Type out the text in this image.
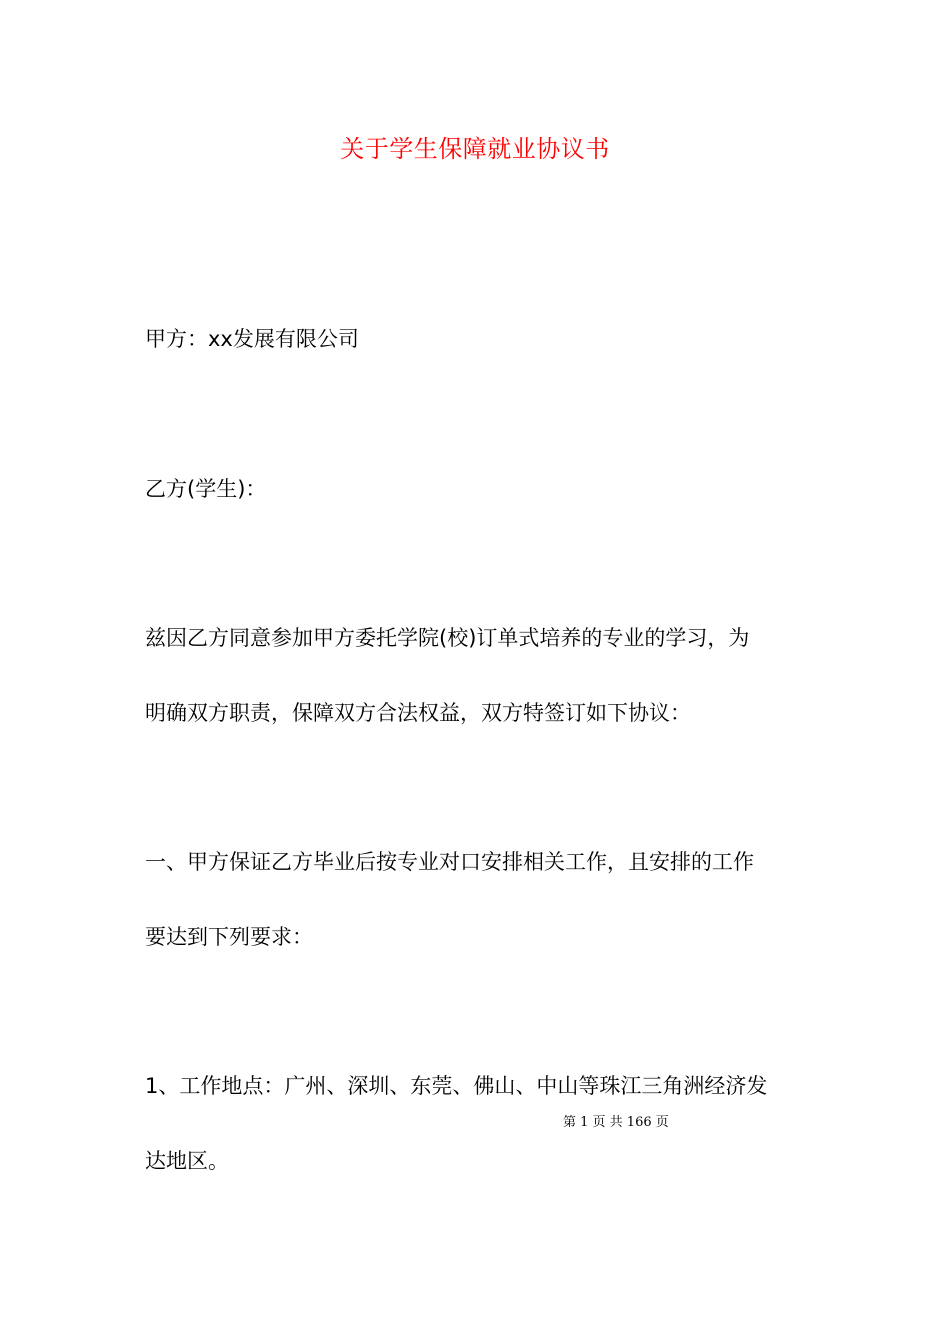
关于学生保障就业协议书
甲方：xx发展有限公司
乙方(学生)：
兹因乙方同意参加甲方委托学院(校)订单式培养的专业的学习，为
明确双方职责，保障双方合法权益，双方特签订如下协议：
一、甲方保证乙方毕业后按专业对口安排相关工作，且安排的工作
要达到下列要求：
1、工作地点：广州、深圳、东莞、佛山、中山等珠江三角洲经济发
达地区。
第 1 页 共 166 页
